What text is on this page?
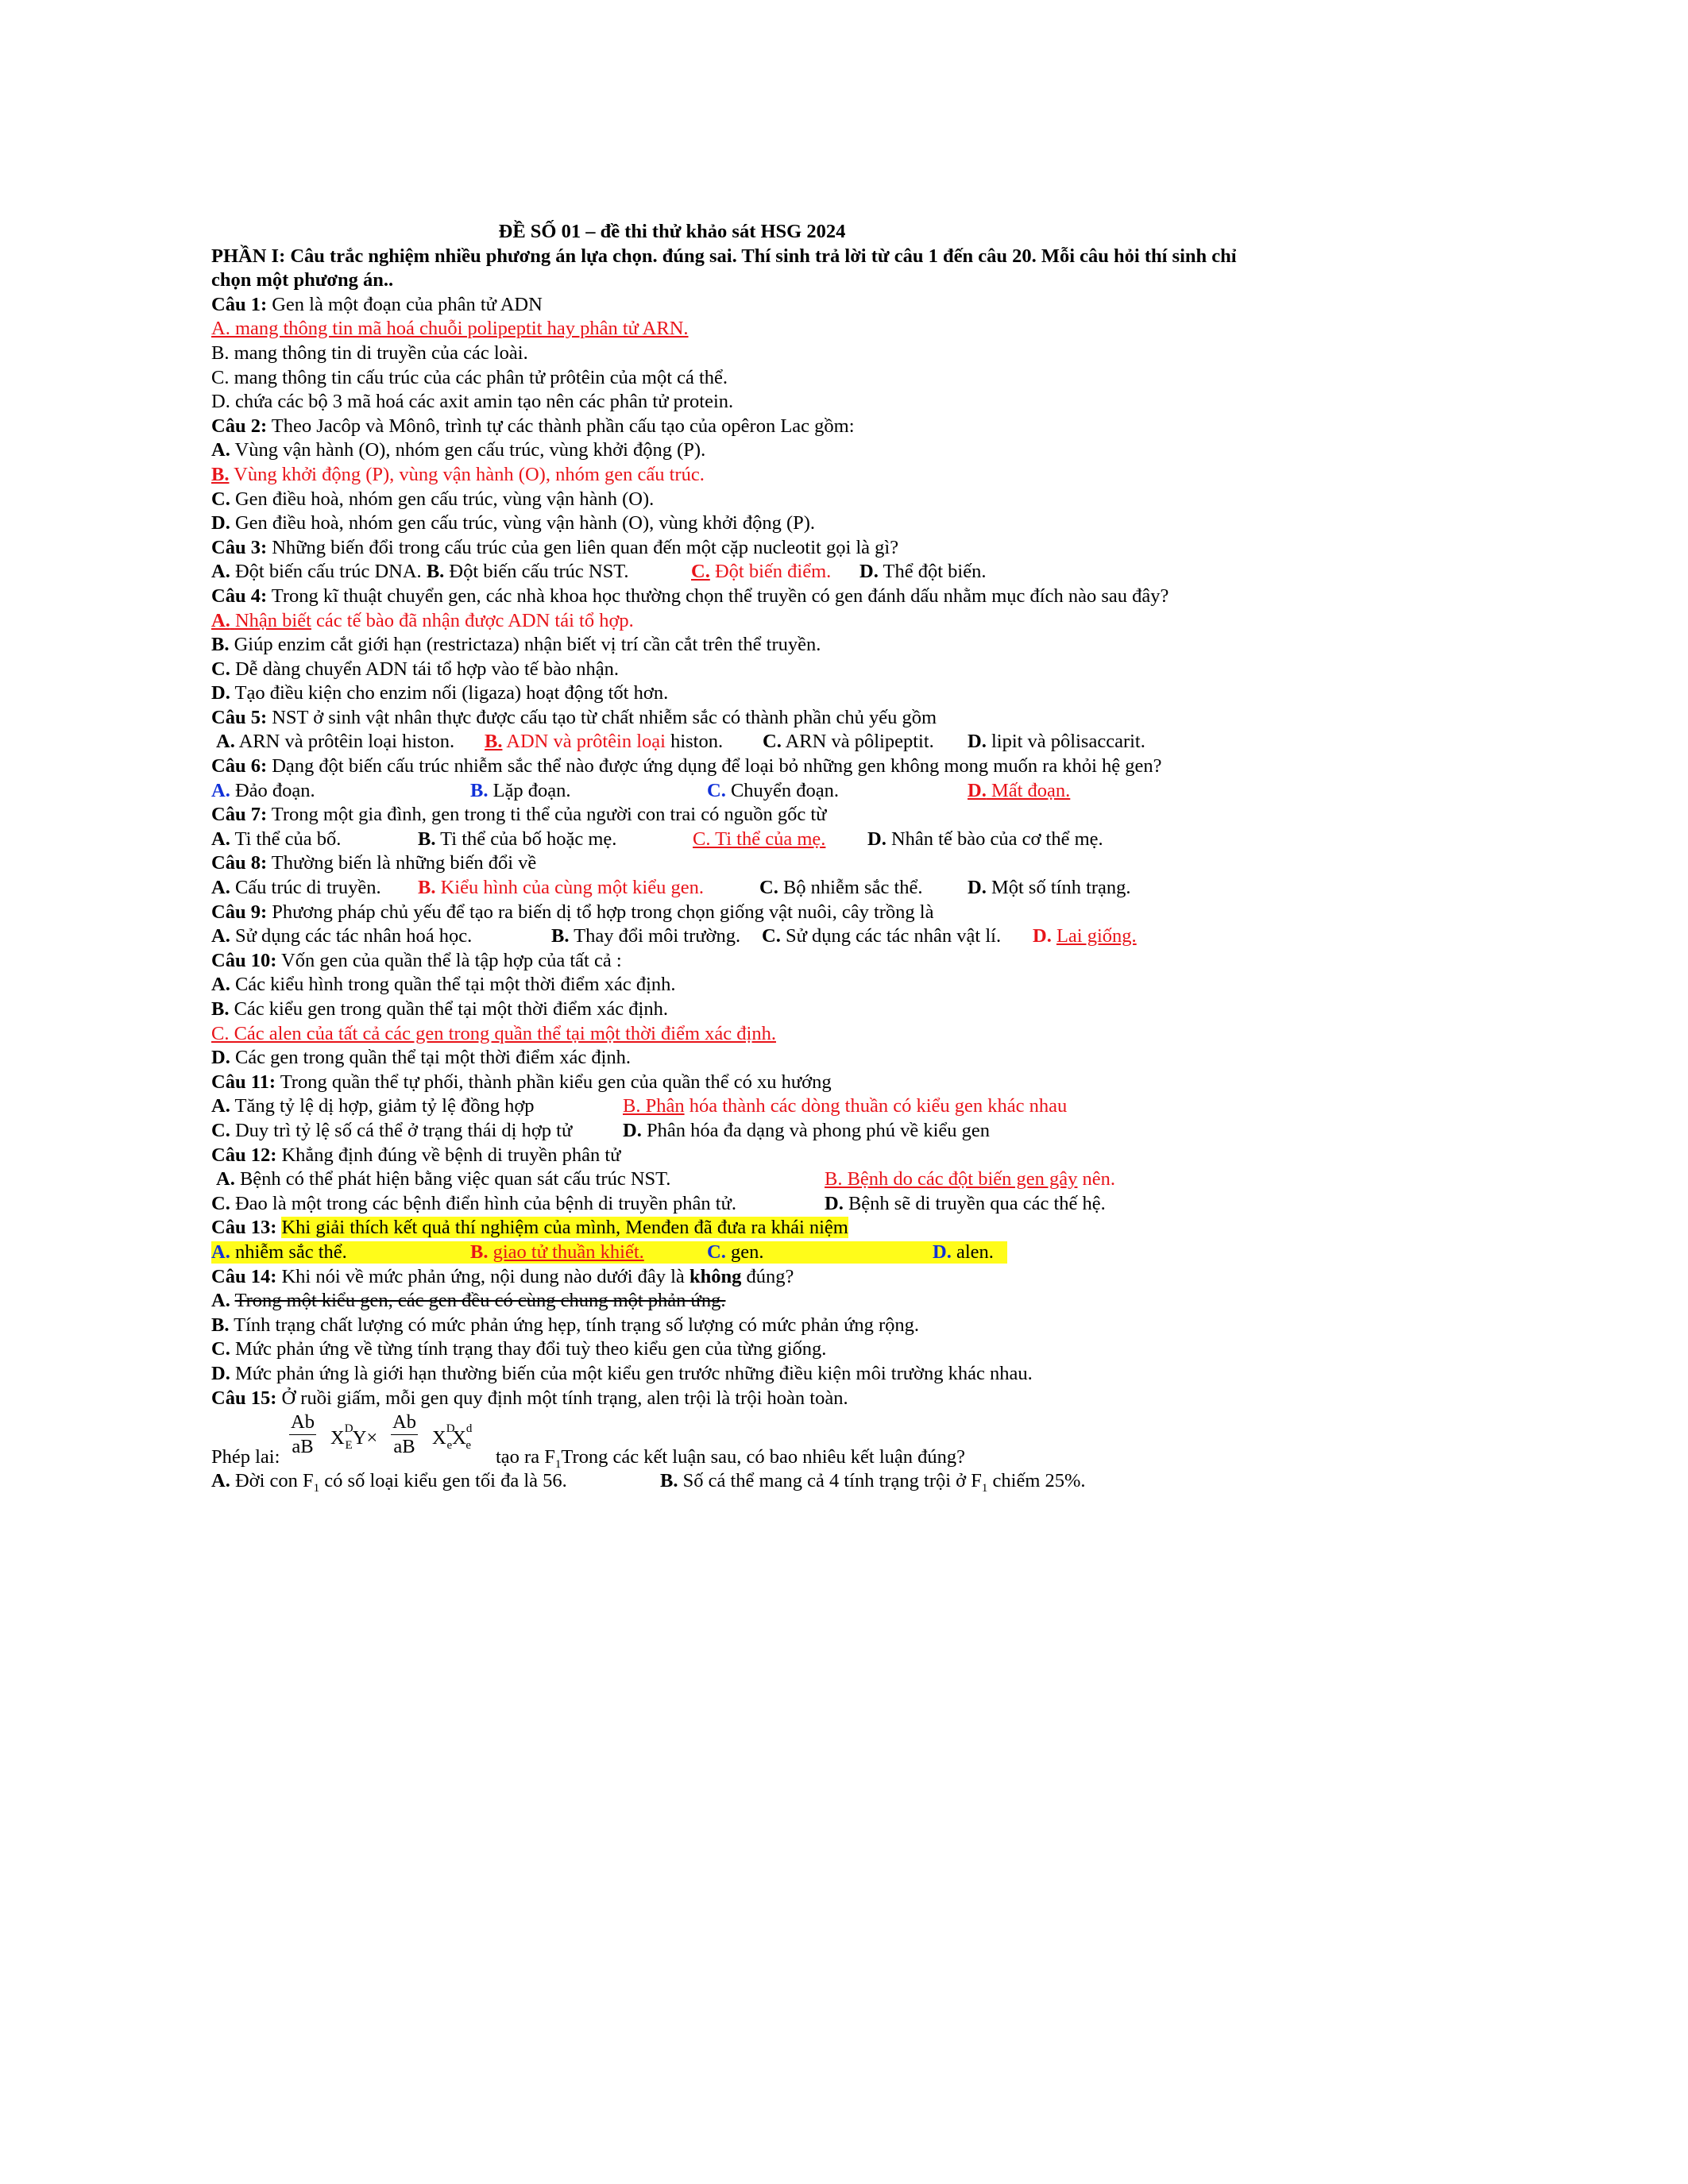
ĐỀ SỐ 01 – đề thi thử khảo sát HSG 2024
PHẦN I: Câu trắc nghiệm nhiều phương án lựa chọn. đúng sai. Thí sinh trả lời từ câu 1 đến câu 20. Mỗi câu hỏi thí sinh chỉ chọn một phương án..
Câu 1: Gen là một đoạn của phân tử ADN
A. mang thông tin mã hoá chuỗi polipeptit hay phân tử ARN.
B. mang thông tin di truyền của các loài.
C. mang thông tin cấu trúc của các phân tử prôtêin của một cá thể.
D. chứa các bộ 3 mã hoá các axit amin tạo nên các phân tử protein.
Câu 2: Theo Jacôp và Mônô, trình tự các thành phần cấu tạo của opêron Lac gồm:
A. Vùng vận hành (O), nhóm gen cấu trúc, vùng khởi động (P).
B. Vùng khởi động (P), vùng vận hành (O), nhóm gen cấu trúc.
C. Gen điều hoà, nhóm gen cấu trúc, vùng vận hành (O).
D. Gen điều hoà, nhóm gen cấu trúc, vùng vận hành (O), vùng khởi động (P).
Câu 3: Những biến đổi trong cấu trúc của gen liên quan đến một cặp nucleotit gọi là gì?
A. Đột biến cấu trúc DNA. B. Đột biến cấu trúc NST.	C. Đột biến điểm. D. Thể đột biến.
Câu 4: Trong kĩ thuật chuyển gen, các nhà khoa học thường chọn thể truyền có gen đánh dấu nhằm mục đích nào sau đây?
A. Nhận biết các tế bào đã nhận được ADN tái tổ hợp.
B. Giúp enzim cắt giới hạn (restrictaza) nhận biết vị trí cần cắt trên thể truyền.
C. Dễ dàng chuyển ADN tái tổ hợp vào tế bào nhận.
D. Tạo điều kiện cho enzim nối (ligaza) hoạt động tốt hơn.
Câu 5: NST ở sinh vật nhân thực được cấu tạo từ chất nhiễm sắc có thành phần chủ yếu gồm
A. ARN và prôtêin loại histon. B. ADN và prôtêin loại histon. C. ARN và pôlipeptit. D. lipit và pôlisaccarit.
Câu 6: Dạng đột biến cấu trúc nhiễm sắc thể nào được ứng dụng để loại bỏ những gen không mong muốn ra khỏi hệ gen?
A. Đảo đoạn.	B. Lặp đoạn.	C. Chuyển đoạn.	D. Mất đoạn.
Câu 7: Trong một gia đình, gen trong ti thể của người con trai có nguồn gốc từ
A. Ti thể của bố.	B. Ti thể của bố hoặc mẹ.	C. Ti thể của mẹ.	D. Nhân tế bào của cơ thể mẹ.
Câu 8: Thường biến là những biến đổi về
A. Cấu trúc di truyền. B. Kiểu hình của cùng một kiểu gen.	C. Bộ nhiễm sắc thể. D. Một số tính trạng.
Câu 9: Phương pháp chủ yếu để tạo ra biến dị tổ hợp trong chọn giống vật nuôi, cây trồng là
A. Sử dụng các tác nhân hoá học.	B. Thay đổi môi trường. C. Sử dụng các tác nhân vật lí. D. Lai giống.
Câu 10: Vốn gen của quần thể là tập hợp của tất cả :
A. Các kiểu hình trong quần thể tại một thời điểm xác định.
B. Các kiểu gen trong quần thể tại một thời điểm xác định.
C. Các alen của tất cả các gen trong quần thể tại một thời điểm xác định.
D. Các gen trong quần thể tại một thời điểm xác định.
Câu 11: Trong quần thể tự phối, thành phần kiểu gen của quần thể có xu hướng
A. Tăng tỷ lệ dị hợp, giảm tỷ lệ đồng hợp	B. Phân hóa thành các dòng thuần có kiểu gen khác nhau
C. Duy trì tỷ lệ số cá thể ở trạng thái dị hợp tử	D. Phân hóa đa dạng và phong phú về kiểu gen
Câu 12: Khẳng định đúng về bệnh di truyền phân tử
A. Bệnh có thể phát hiện bằng việc quan sát cấu trúc NST.	B. Bệnh do các đột biến gen gây nên.
C. Đao là một trong các bệnh điển hình của bệnh di truyền phân tử.	D. Bệnh sẽ di truyền qua các thế hệ.
Câu 13: Khi giải thích kết quả thí nghiệm của mình, Menđen đã đưa ra khái niệm
A. nhiễm sắc thể.	B. giao tử thuần khiết.	C. gen.	D. alen.
Câu 14: Khi nói về mức phản ứng, nội dung nào dưới đây là không đúng?
A. Trong một kiểu gen, các gen đều có cùng chung một phản ứng.
B. Tính trạng chất lượng có mức phản ứng hẹp, tính trạng số lượng có mức phản ứng rộng.
C. Mức phản ứng về từng tính trạng thay đổi tuỳ theo kiểu gen của từng giống.
D. Mức phản ứng là giới hạn thường biến của một kiểu gen trước những điều kiện môi trường khác nhau.
Câu 15: Ở ruồi giấm, mỗi gen quy định một tính trạng, alen trội là trội hoàn toàn.
Phép lai: $\frac{Ab}{aB} X^D_EY\times \frac{Ab}{aB} X^D_eX^d_e$
tạo ra $F_1Trong$ các kết luận sau, có bao nhiêu kết luận đúng?
A. Đời con $F_1$ có số loại kiểu gen tối đa là 56.	B. Số cá thể mang cả 4 tính trạng trội ở $F_1$ chiếm 25%.
